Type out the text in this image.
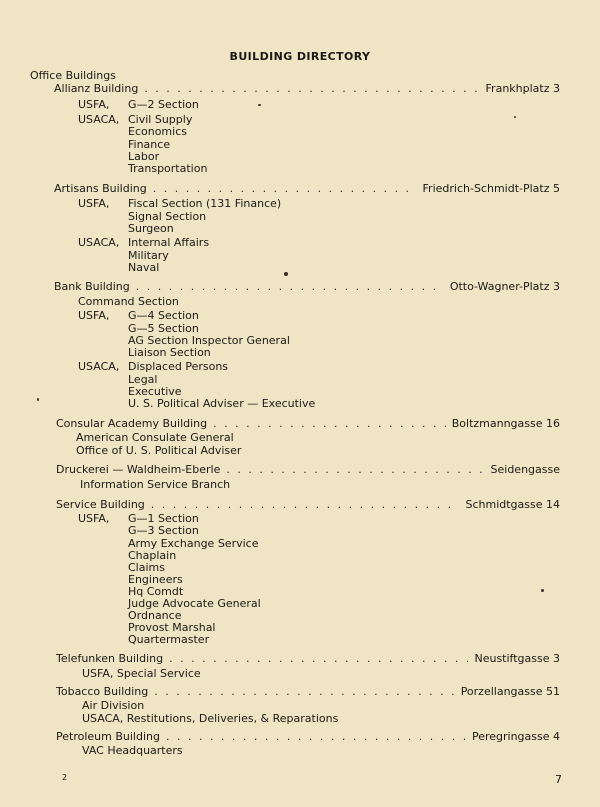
BUILDING DIRECTORY
Office Buildings
Allianz Building . . .	Frankhplatz 3
USFA, G—2 Section
USACA, Civil Supply
Economics
Finance
Labor
Transportation
Artisans Building . . .	Friedrich-Schmidt-Platz 5
USFA, Fiscal Section (131 Finance)
Signal Section
Surgeon
USACA, Internal Affairs
Military
Naval
Bank Building . . .	Otto-Wagner-Platz 3
Command Section
USFA, G—4 Section
G—5 Section
AG Section Inspector General
Liaison Section
USACA, Displaced Persons
Legal
Executive
U. S. Political Adviser — Executive
Consular Academy Building . . .	Boltzmanngasse 16
American Consulate General
Office of U. S. Political Adviser
Druckerei — Waldheim-Eberle . . .	Seidengasse
Information Service Branch
Service Building . . .	Schmidtgasse 14
USFA, G—1 Section
G—3 Section
Army Exchange Service
Chaplain
Claims
Engineers
Hq Comdt
Judge Advocate General
Ordnance
Provost Marshal
Quartermaster
Telefunken Building . . .	Neustiftgasse 3
USFA, Special Service
Tobacco Building . . .	Porzellangasse 51
Air Division
USACA, Restitutions, Deliveries, & Reparations
Petroleum Building . . .	Peregringasse 4
VAC Headquarters
2	7
